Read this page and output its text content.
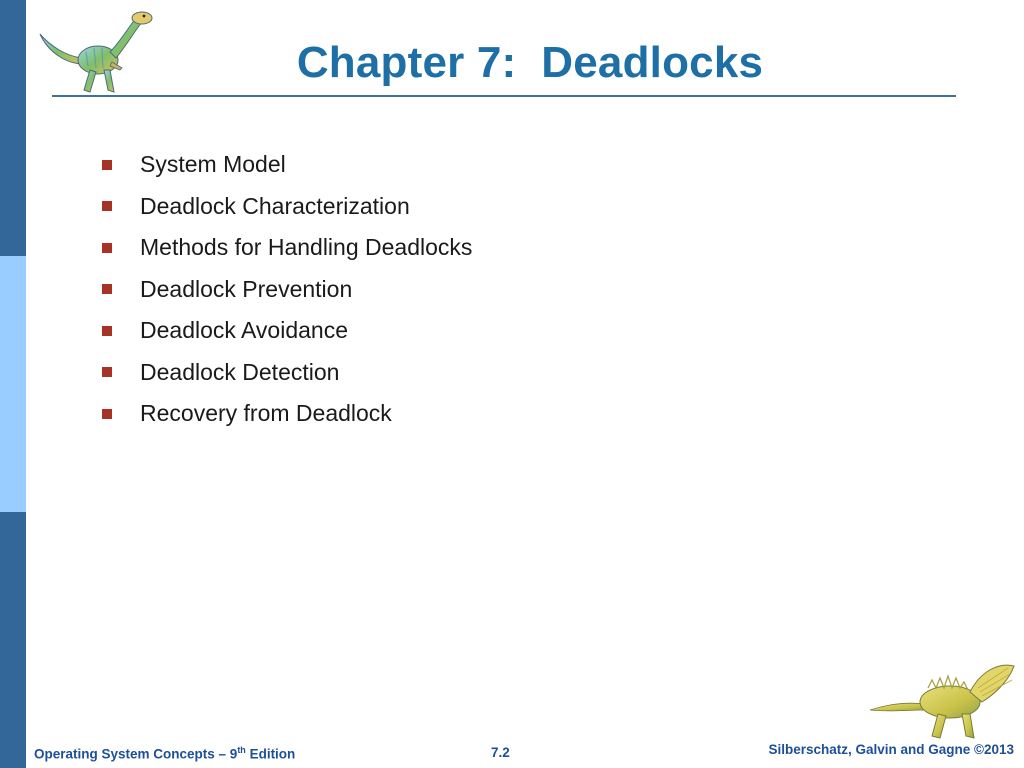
Chapter 7:  Deadlocks
System Model
Deadlock Characterization
Methods for Handling Deadlocks
Deadlock Prevention
Deadlock Avoidance
Deadlock Detection
Recovery from Deadlock
Operating System Concepts – 9th Edition	7.2	Silberschatz, Galvin and Gagne ©2013
